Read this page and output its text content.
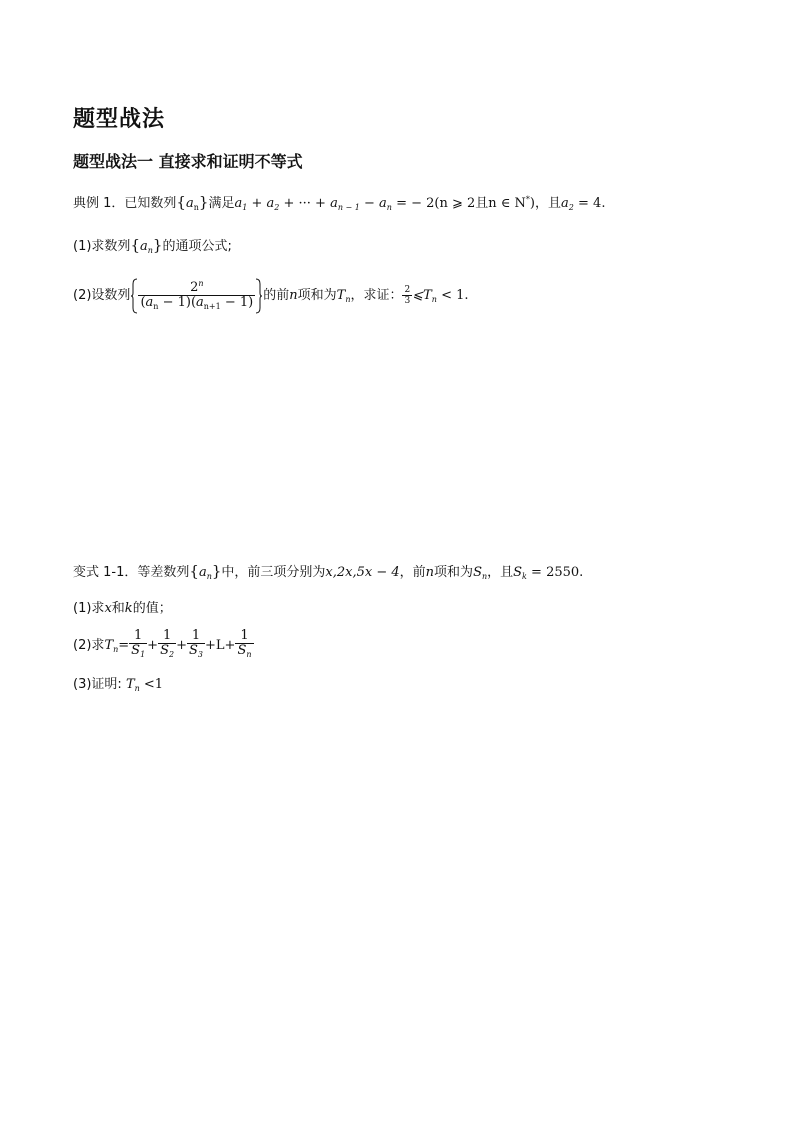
题型战法
题型战法一 直接求和证明不等式
典例 1．已知数列$\{a_n\}$满足$a_1 + a_2$ + ··· + $a_{n - 1} - a_n$ = − 2(n ⩾ 2且n ∈ N*)，且$a_2 = 4$.
(1)求数列$\{a_n\}$的通项公式;
(2)设数列 $\frac{2^n}{(a_n - 1)(a_{n+1} - 1)}$ 的前n项和为$T_n$，求证： $\frac{2}{3}$ $⩽T_n < 1$.
变式 1-1．等差数列$\{a_n\}$中，前三项分别为x,2x,5x − 4，前n项和为$S_n$，且$S_k = 2550$.
(1)求x和k的值；
(2)求$T_n= \frac{1}{S_1} + \frac{1}{S_2} + \frac{1}{S_3} +L+ \frac{1}{S_n}$
(3)证明: $T_n <1$
